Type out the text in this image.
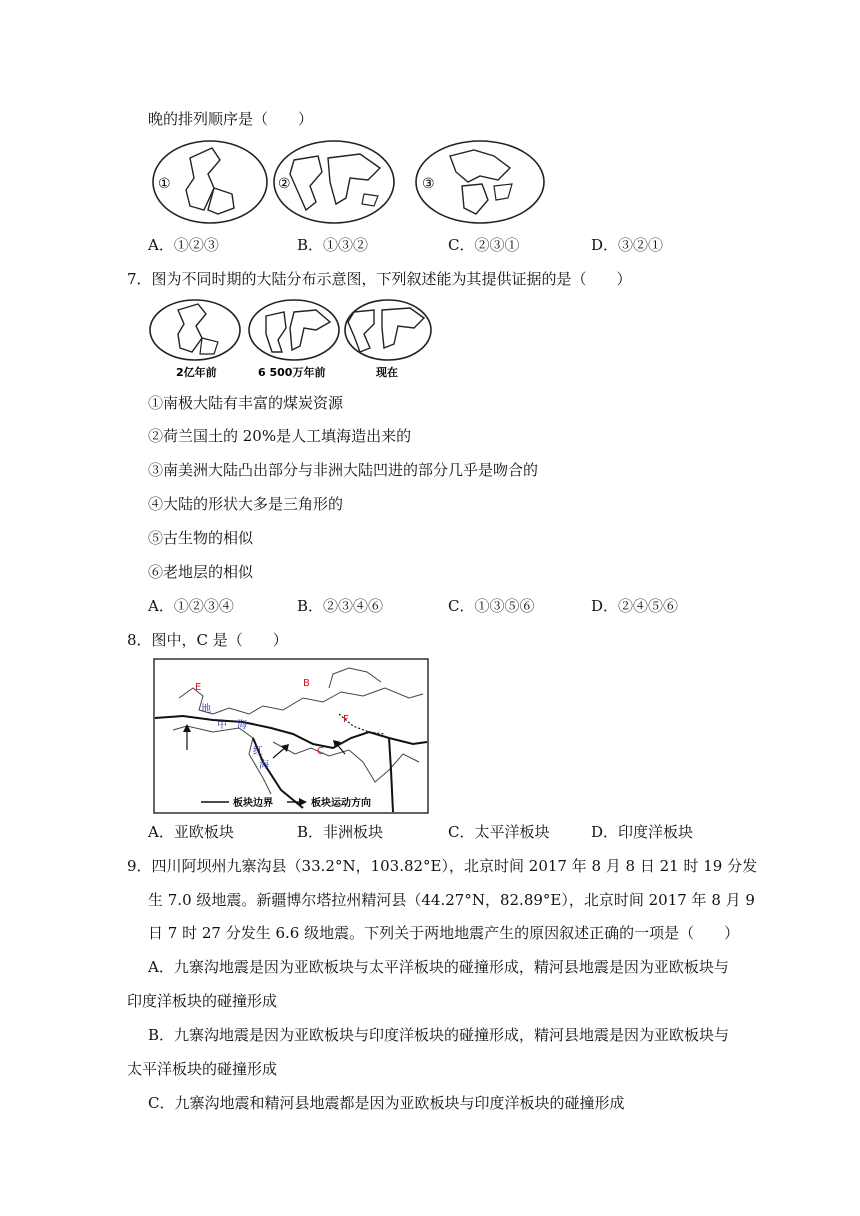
晚的排列顺序是（　　）
①	②	③
A．①②③	B．①③②	C．②③①	D．③②①
7．图为不同时期的大陆分布示意图，下列叙述能为其提供证据的是（　　）
2亿年前	6 500万年前	现在
①南极大陆有丰富的煤炭资源
②荷兰国土的 20%是人工填海造出来的
③南美洲大陆凸出部分与非洲大陆凹进的部分几乎是吻合的
④大陆的形状大多是三角形的
⑤古生物的相似
⑥老地层的相似
A．①②③④	B．②③④⑥	C．①③⑤⑥	D．②④⑤⑥
8．图中，C 是（　　）
B
C
E
F
地
中　海
红
海
板块边界	板块运动方向
A．亚欧板块	B．非洲板块	C．太平洋板块	D．印度洋板块
9．四川阿坝州九寨沟县（33.2°N，103.82°E），北京时间 2017 年 8 月 8 日 21 时 19 分发
生 7.0 级地震。新疆博尔塔拉州精河县（44.27°N，82.89°E），北京时间 2017 年 8 月 9
日 7 时 27 分发生 6.6 级地震。下列关于两地地震产生的原因叙述正确的一项是（　　）
A．九寨沟地震是因为亚欧板块与太平洋板块的碰撞形成，精河县地震是因为亚欧板块与
印度洋板块的碰撞形成
B．九寨沟地震是因为亚欧板块与印度洋板块的碰撞形成，精河县地震是因为亚欧板块与
太平洋板块的碰撞形成
C．九寨沟地震和精河县地震都是因为亚欧板块与印度洋板块的碰撞形成
